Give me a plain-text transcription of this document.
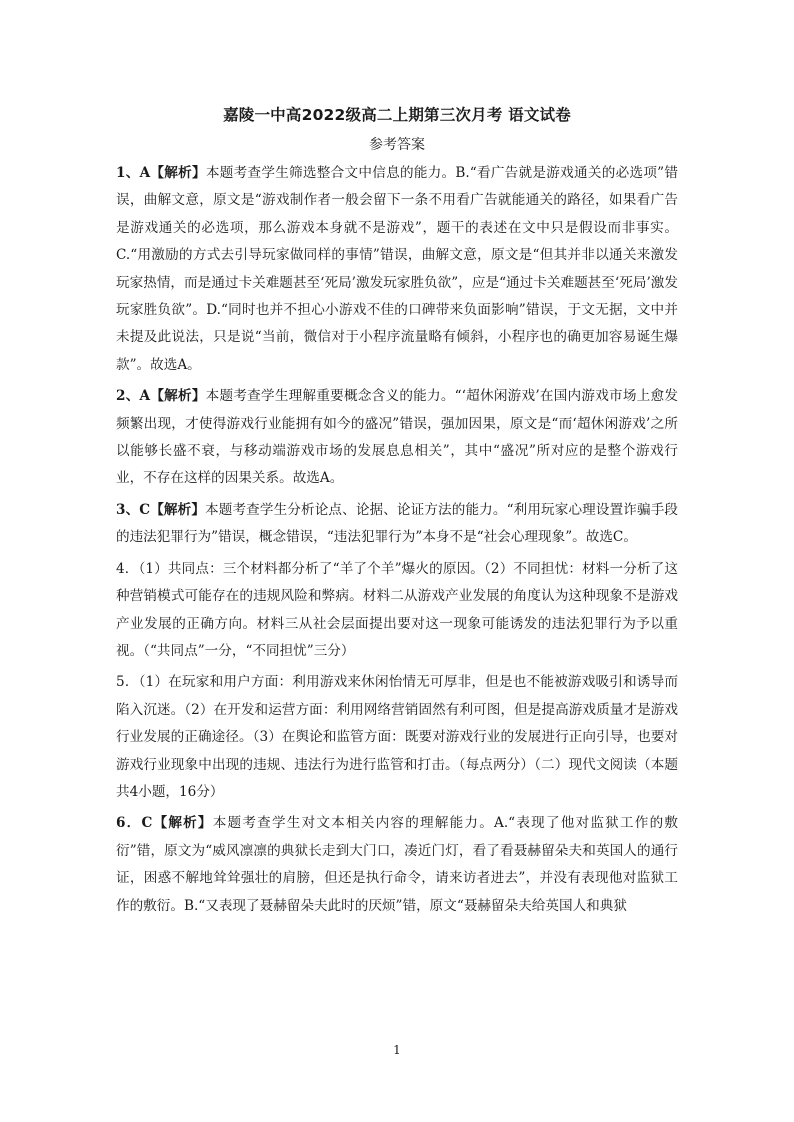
嘉陵一中高2022级高二上期第三次月考 语文试卷
参考答案

1、A【解析】本题考查学生筛选整合文中信息的能力。B.“看广告就是游戏通关的必选项”错误，曲解文意，原文是“游戏制作者一般会留下一条不用看广告就能通关的路径，如果看广告是游戏通关的必选项，那么游戏本身就不是游戏”，题干的表述在文中只是假设而非事实。C.“用激励的方式去引导玩家做同样的事情”错误，曲解文意，原文是“但其并非以通关来激发玩家热情，而是通过卡关难题甚至‘死局’激发玩家胜负欲”，应是“通过卡关难题甚至‘死局’激发玩家胜负欲”。D.“同时也并不担心小游戏不佳的口碑带来负面影响”错误，于文无据，文中并未提及此说法，只是说“当前，微信对于小程序流量略有倾斜，小程序也的确更加容易诞生爆款”。故选A。

2、A【解析】本题考查学生理解重要概念含义的能力。“‘超休闲游戏’在国内游戏市场上愈发频繁出现，才使得游戏行业能拥有如今的盛况”错误，强加因果，原文是“而‘超休闲游戏’之所以能够长盛不衰，与移动端游戏市场的发展息息相关”，其中“盛况”所对应的是整个游戏行业，不存在这样的因果关系。故选A。

3、C【解析】本题考查学生分析论点、论据、论证方法的能力。“利用玩家心理设置诈骗手段的违法犯罪行为”错误，概念错误，“违法犯罪行为”本身不是“社会心理现象”。故选C。

4．（1）共同点：三个材料都分析了“羊了个羊”爆火的原因。（2）不同担忧：材料一分析了这种营销模式可能存在的违规风险和弊病。材料二从游戏产业发展的角度认为这种现象不是游戏产业发展的正确方向。材料三从社会层面提出要对这一现象可能诱发的违法犯罪行为予以重视。（“共同点”一分，“不同担忧”三分）

5．（1）在玩家和用户方面：利用游戏来休闲怡情无可厚非，但是也不能被游戏吸引和诱导而陷入沉迷。（2）在开发和运营方面：利用网络营销固然有利可图，但是提高游戏质量才是游戏行业发展的正确途径。（3）在舆论和监管方面：既要对游戏行业的发展进行正向引导，也要对游戏行业现象中出现的违规、违法行为进行监管和打击。（每点两分）（二）现代文阅读（本题共4小题，16分）

6．C【解析】本题考查学生对文本相关内容的理解能力。A.“表现了他对监狱工作的敷衍”错，原文为“威风凛凛的典狱长走到大门口，凑近门灯，看了看聂赫留朵夫和英国人的通行证，困惑不解地耸耸强壮的肩膀，但还是执行命令，请来访者进去”，并没有表现他对监狱工作的敷衍。B.“又表现了聂赫留朵夫此时的厌烦”错，原文“聂赫留朵夫给英国人和典狱

1
